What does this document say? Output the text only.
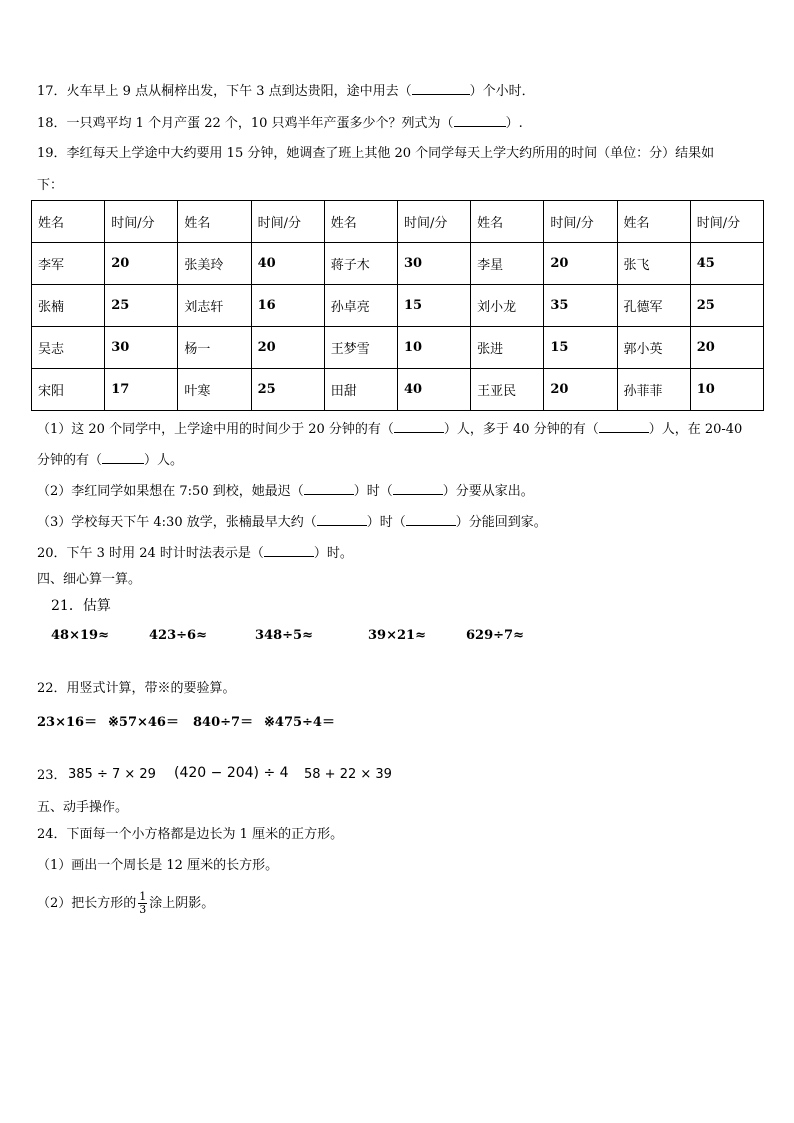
17．火车早上 9 点从桐梓出发，下午 3 点到达贵阳，途中用去（	）个小时．
18．一只鸡平均 1 个月产蛋 22 个，10 只鸡半年产蛋多少个？列式为（	）.
19．李红每天上学途中大约要用 15 分钟，她调查了班上其他 20 个同学每天上学大约所用的时间（单位：分）结果如
下：
姓名	时间/分	姓名	时间/分	姓名	时间/分	姓名	时间/分	姓名	时间/分
李军	20	张美玲	40	蒋子木	30	李星	20	张飞	45
张楠	25	刘志轩	16	孙卓亮	15	刘小龙	35	孔德军	25
吴志	30	杨一	20	王梦雪	10	张进	15	郭小英	20
宋阳	17	叶寒	25	田甜	40	王亚民	20	孙菲菲	10
（1）这 20 个同学中，上学途中用的时间少于 20 分钟的有（	）人，多于 40 分钟的有（	）人，在 20-40
分钟的有（	）人。
（2）李红同学如果想在 7:50 到校，她最迟（	）时（	）分要从家出。
（3）学校每天下午 4:30 放学，张楠最早大约（	）时（	）分能回到家。
20．下午 3 时用 24 时计时法表示是（	）时。
四、细心算一算。
21．估算
48×19≈	423÷6≈	348÷5≈	39×21≈	629÷7≈
22．用竖式计算，带※的要验算。
23×16＝ ※57×46＝ 840÷7＝ ※475÷4＝
23． 385 ÷ 7 × 29 (420 − 204) ÷ 4 58 + 22 × 39
五、动手操作。
24．下面每一个小方格都是边长为 1 厘米的正方形。
（1）画出一个周长是 12 厘米的长方形。
（2）把长方形的 $\frac{1}{3}$ 涂上阴影。
